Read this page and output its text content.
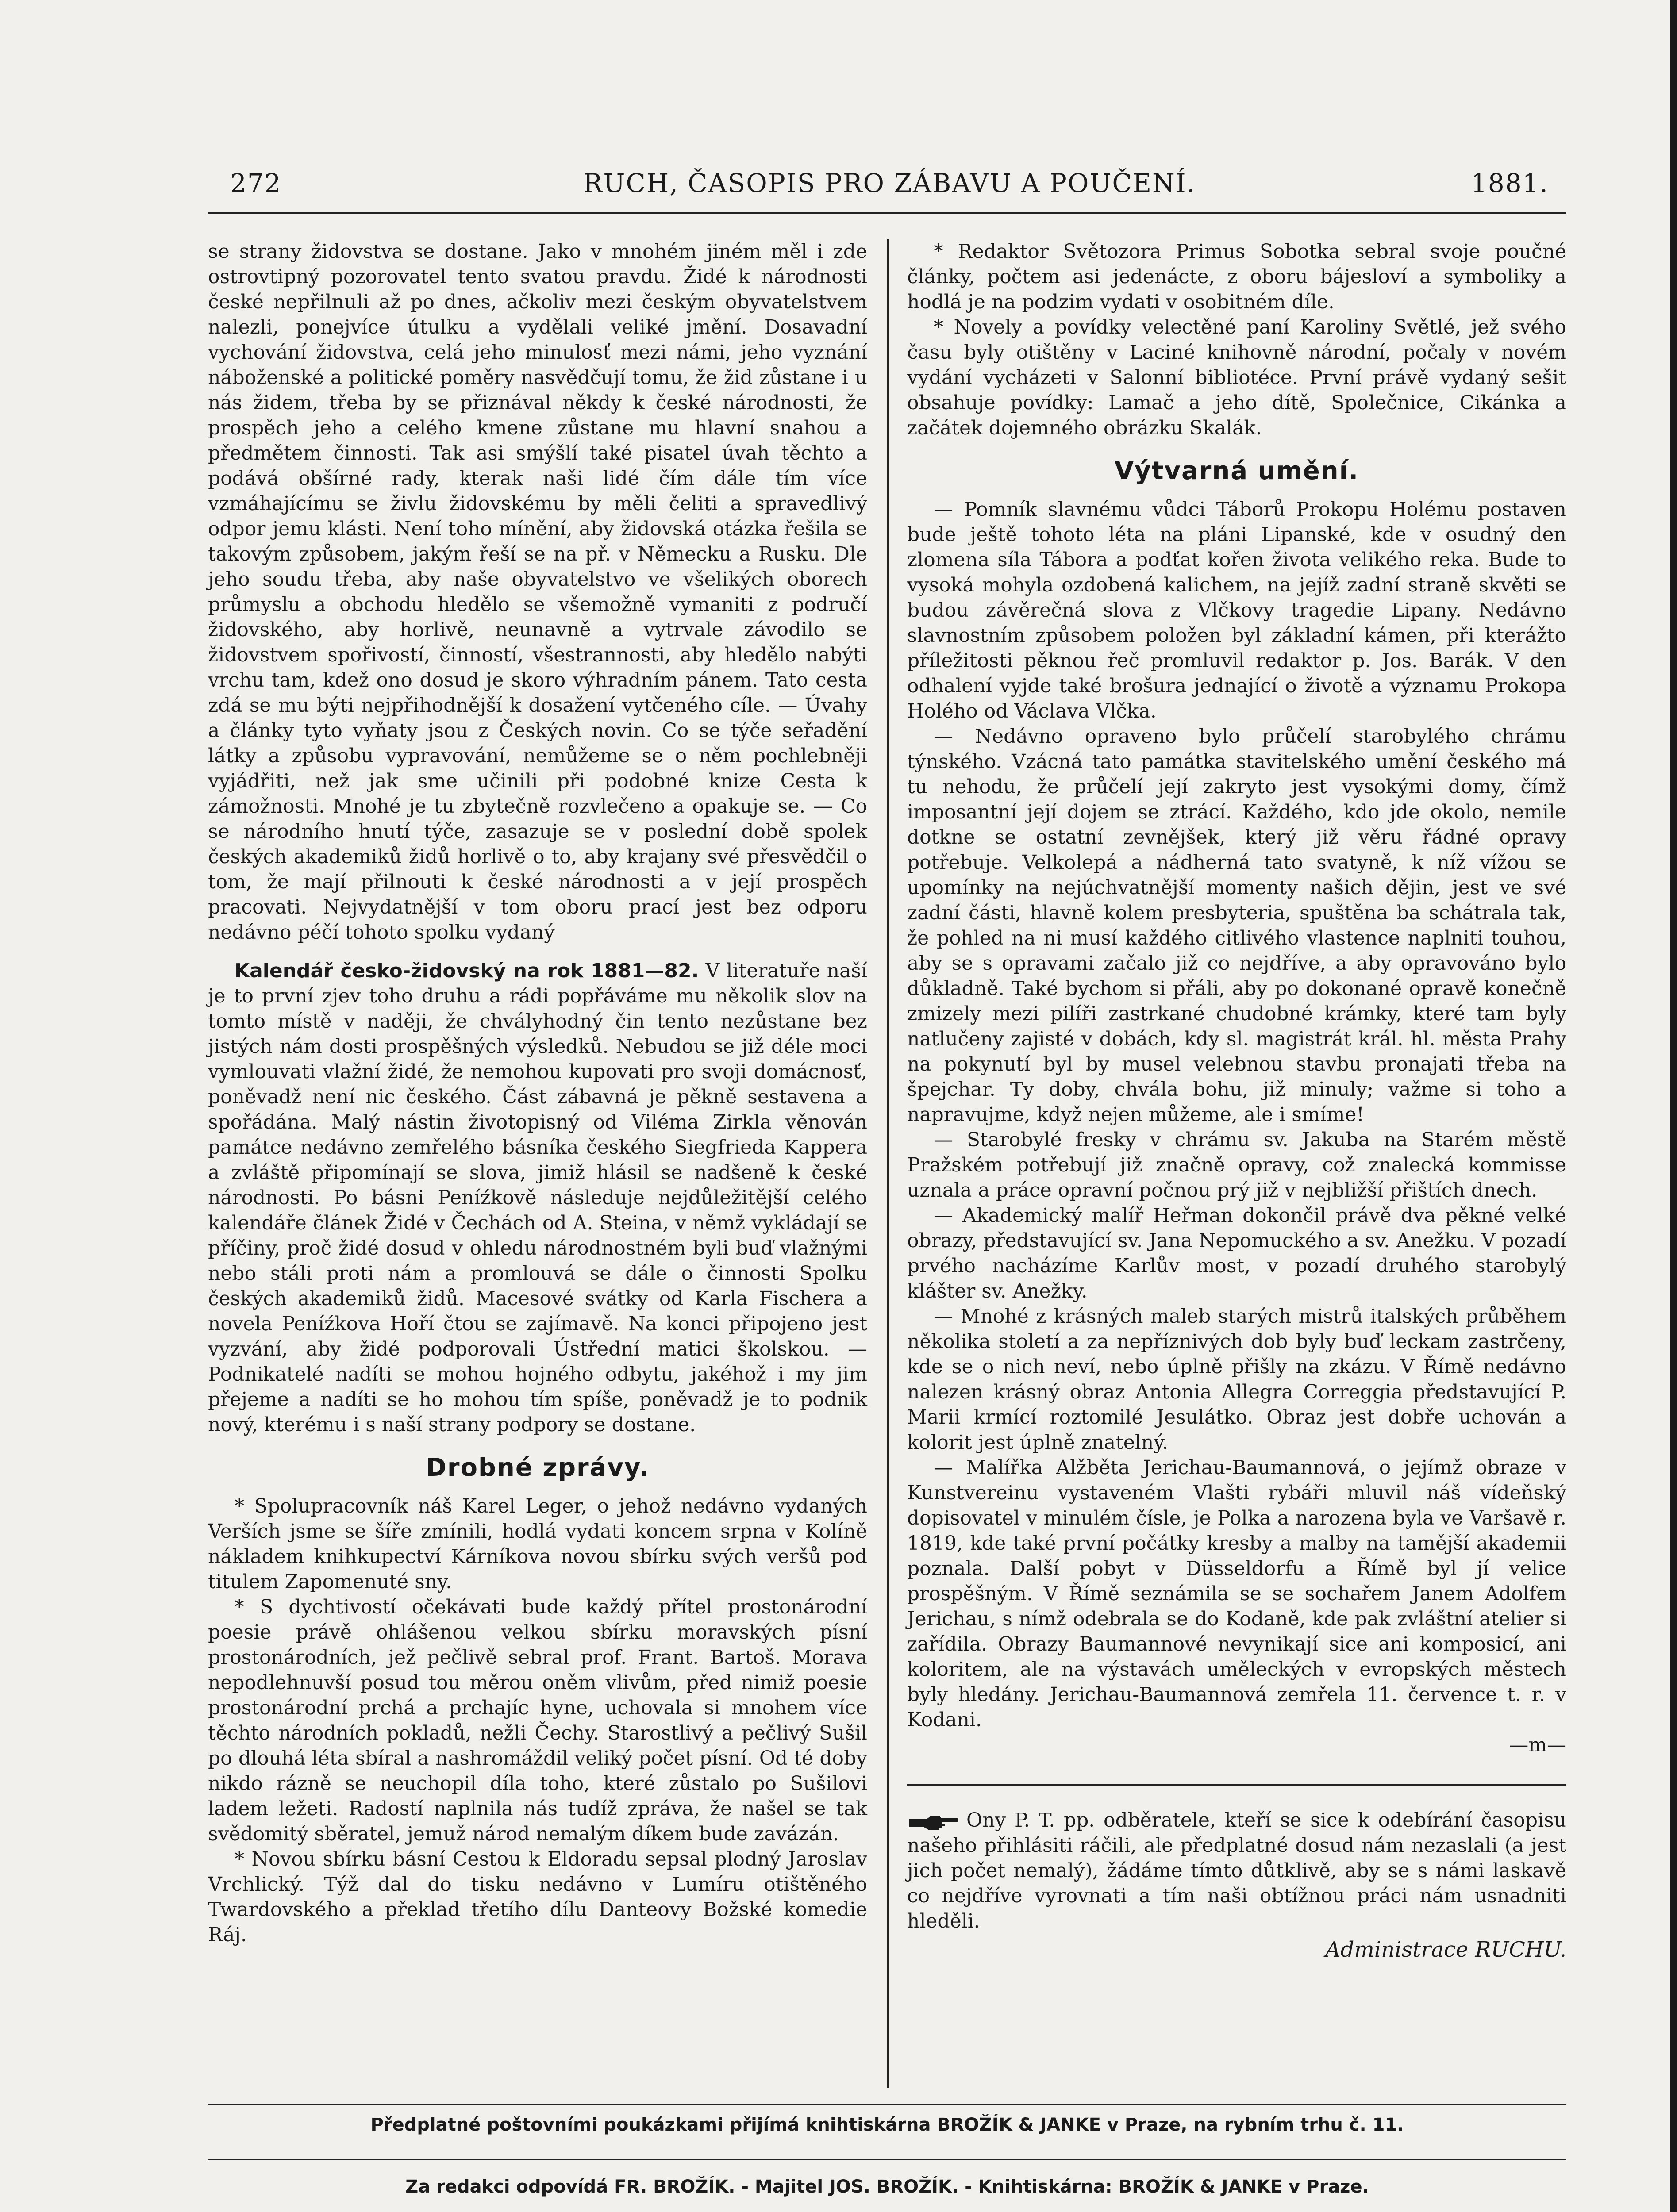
272	RUCH, ČASOPIS PRO ZÁBAVU A POUČENÍ.	1881.

se strany židovstva se dostane. Jako v mnohém jiném měl i zde ostrovtipný pozorovatel tento svatou pravdu. Židé k národnosti české nepřilnuli až po dnes, ačkoliv mezi českým obyvatelstvem nalezli, ponejvíce útulku a vydělali veliké jmění. Dosavadní vychování židovstva, celá jeho minulosť mezi námi, jeho vyznání náboženské a politické poměry nasvědčují tomu, že žid zůstane i u nás židem, třeba by se přiznával někdy k české národnosti, že prospěch jeho a celého kmene zůstane mu hlavní snahou a předmětem činnosti. Tak asi smýšlí také pisatel úvah těchto a podává obšírné rady, kterak naši lidé čím dále tím více vzmáhajícímu se živlu židovskému by měli čeliti a spravedlivý odpor jemu klásti. Není toho mínění, aby židovská otázka řešila se takovým způsobem, jakým řeší se na př. v Německu a Rusku. Dle jeho soudu třeba, aby naše obyvatelstvo ve všelikých oborech průmyslu a obchodu hledělo se všemožně vymaniti z područí židovského, aby horlivě, neunavně a vytrvale závodilo se židovstvem spořivostí, činností, všestrannosti, aby hledělo nabýti vrchu tam, kdež ono dosud je skoro výhradním pánem. Tato cesta zdá se mu býti nejpřihodnější k dosažení vytčeného cíle. — Úvahy a články tyto vyňaty jsou z Českých novin. Co se týče seřadění látky a způsobu vypravování, nemůžeme se o něm pochlebněji vyjádřiti, než jak sme učinili při podobné knize Cesta k zámožnosti. Mnohé je tu zbytečně rozvlečeno a opakuje se. — Co se národního hnutí týče, zasazuje se v poslední době spolek českých akademiků židů horlivě o to, aby krajany své přesvědčil o tom, že mají přilnouti k české národnosti a v její prospěch pracovati. Nejvydatnější v tom oboru prací jest bez odporu nedávno péčí tohoto spolku vydaný

Kalendář česko-židovský na rok 1881—82. V literatuře naší je to první zjev toho druhu a rádi popřáváme mu několik slov na tomto místě v naději, že chvályhodný čin tento nezůstane bez jistých nám dosti prospěšných výsledků. Nebudou se již déle moci vymlouvati vlažní židé, že nemohou kupovati pro svoji domácnosť, poněvadž není nic českého. Část zábavná je pěkně sestavena a spořádána. Malý nástin životopisný od Viléma Zirkla věnován památce nedávno zemřelého básníka českého Siegfrieda Kappera a zvláště připomínají se slova, jimiž hlásil se nadšeně k české národnosti. Po básni Peníźkově následuje nejdůležitější celého kalendáře článek Židé v Čechách od A. Steina, v němž vykládají se příčiny, proč židé dosud v ohledu národnostném byli buď vlažnými nebo stáli proti nám a promlouvá se dále o činnosti Spolku českých akademiků židů. Macesové svátky od Karla Fischera a novela Peníźkova Hoří čtou se zajímavě. Na konci připojeno jest vyzvání, aby židé podporovali Ústřední matici školskou. — Podnikatelé nadíti se mohou hojného odbytu, jakéhož i my jim přejeme a nadíti se ho mohou tím spíše, poněvadž je to podnik nový, kterému i s naší strany podpory se dostane.

Drobné zprávy.

* Spolupracovník náš Karel Leger, o jehož nedávno vydaných Verších jsme se šíře zmínili, hodlá vydati koncem srpna v Kolíně nákladem knihkupectví Kárníkova novou sbírku svých veršů pod titulem Zapomenuté sny.

* S dychtivostí očekávati bude každý přítel prostonárodní poesie právě ohlášenou velkou sbírku moravských písní prostonárodních, jež pečlivě sebral prof. Frant. Bartoš. Morava nepodlehnuvší posud tou měrou oněm vlivům, před nimiž poesie prostonárodní prchá a prchajíc hyne, uchovala si mnohem více těchto národních pokladů, nežli Čechy. Starostlivý a pečlivý Sušil po dlouhá léta sbíral a nashromáždil veliký počet písní. Od té doby nikdo rázně se neuchopil díla toho, které zůstalo po Sušilovi ladem ležeti. Radostí naplnila nás tudíž zpráva, že našel se tak svědomitý sběratel, jemuž národ nemalým díkem bude zavázán.

* Novou sbírku básní Cestou k Eldoradu sepsal plodný Jaroslav Vrchlický. Týž dal do tisku nedávno v Lumíru otištěného Twardovského a překlad třetího dílu Danteovy Božské komedie Ráj.

* Redaktor Světozora Primus Sobotka sebral svoje poučné články, počtem asi jedenácte, z oboru bájesloví a symboliky a hodlá je na podzim vydati v osobitném díle.

* Novely a povídky velectěné paní Karoliny Světlé, jež svého času byly otištěny v Laciné knihovně národní, počaly v novém vydání vycházeti v Salonní bibliotéce. První právě vydaný sešit obsahuje povídky: Lamač a jeho dítě, Společnice, Cikánka a začátek dojemného obrázku Skalák.

Výtvarná umění.

— Pomník slavnému vůdci Táborů Prokopu Holému postaven bude ještě tohoto léta na pláni Lipanské, kde v osudný den zlomena síla Tábora a podťat kořen života velikého reka. Bude to vysoká mohyla ozdobená kalichem, na jejíž zadní straně skvěti se budou závěrečná slova z Vlčkovy tragedie Lipany. Nedávno slavnostním způsobem položen byl základní kámen, při kterážto příležitosti pěknou řeč promluvil redaktor p. Jos. Barák. V den odhalení vyjde také brošura jednající o životě a významu Prokopa Holého od Václava Vlčka.

— Nedávno opraveno bylo průčelí starobylého chrámu týnského. Vzácná tato památka stavitelského umění českého má tu nehodu, že průčelí její zakryto jest vysokými domy, čímž imposantní její dojem se ztrácí. Každého, kdo jde okolo, nemile dotkne se ostatní zevnějšek, který již věru řádné opravy potřebuje. Velkolepá a nádherná tato svatyně, k níž vížou se upomínky na nejúchvatnější momenty našich dějin, jest ve své zadní části, hlavně kolem presbyteria, spuštěna ba schátrala tak, že pohled na ni musí každého citlivého vlastence naplniti touhou, aby se s opravami začalo již co nejdříve, a aby opravováno bylo důkladně. Také bychom si přáli, aby po dokonané opravě konečně zmizely mezi pilíři zastrkané chudobné krámky, které tam byly natlučeny zajisté v dobách, kdy sl. magistrát král. hl. města Prahy na pokynutí byl by musel velebnou stavbu pronajati třeba na špejchar. Ty doby, chvála bohu, již minuly; važme si toho a napravujme, když nejen můžeme, ale i smíme!

— Starobylé fresky v chrámu sv. Jakuba na Starém městě Pražském potřebují již značně opravy, což znalecká kommisse uznala a práce opravní počnou prý již v nejbližší přištích dnech.

— Akademický malíř Heřman dokončil právě dva pěkné velké obrazy, představující sv. Jana Nepomuckého a sv. Anežku. V pozadí prvého nacházíme Karlův most, v pozadí druhého starobylý klášter sv. Anežky.

— Mnohé z krásných maleb starých mistrů italských průběhem několika století a za nepříznivých dob byly buď leckam zastrčeny, kde se o nich neví, nebo úplně přišly na zkázu. V Římě nedávno nalezen krásný obraz Antonia Allegra Correggia představující P. Marii krmící roztomilé Jesulátko. Obraz jest dobře uchován a kolorit jest úplně znatelný.

— Malířka Alžběta Jerichau-Baumannová, o jejímž obraze v Kunstvereinu vystaveném Vlašti rybáři mluvil náš vídeňský dopisovatel v minulém čísle, je Polka a narozena byla ve Varšavě r. 1819, kde také první počátky kresby a malby na tamější akademii poznala. Další pobyt v Düsseldorfu a Římě byl jí velice prospěšným. V Římě seznámila se se sochařem Janem Adolfem Jerichau, s nímž odebrala se do Kodaně, kde pak zvláštní atelier si zařídila. Obrazy Baumannové nevynikají sice ani komposicí, ani koloritem, ale na výstavách uměleckých v evropských městech byly hledány. Jerichau-Baumannová zemřela 11. července t. r. v Kodani.

—m—

Ony P. T. pp. odběratele, kteří se sice k odebírání časopisu našeho přihlásiti ráčili, ale předplatné dosud nám nezaslali (a jest jich počet nemalý), žádáme tímto důtklivě, aby se s námi laskavě co nejdříve vyrovnati a tím naši obtížnou práci nám usnadniti hleděli.

Administrace RUCHU.
Předplatné poštovními poukázkami přijímá knihtiskárna BROŽÍK & JANKE v Praze, na rybním trhu č. 11.
Za redakci odpovídá FR. BROŽÍK. - Majitel JOS. BROŽÍK. - Knihtiskárna: BROŽÍK & JANKE v Praze.
